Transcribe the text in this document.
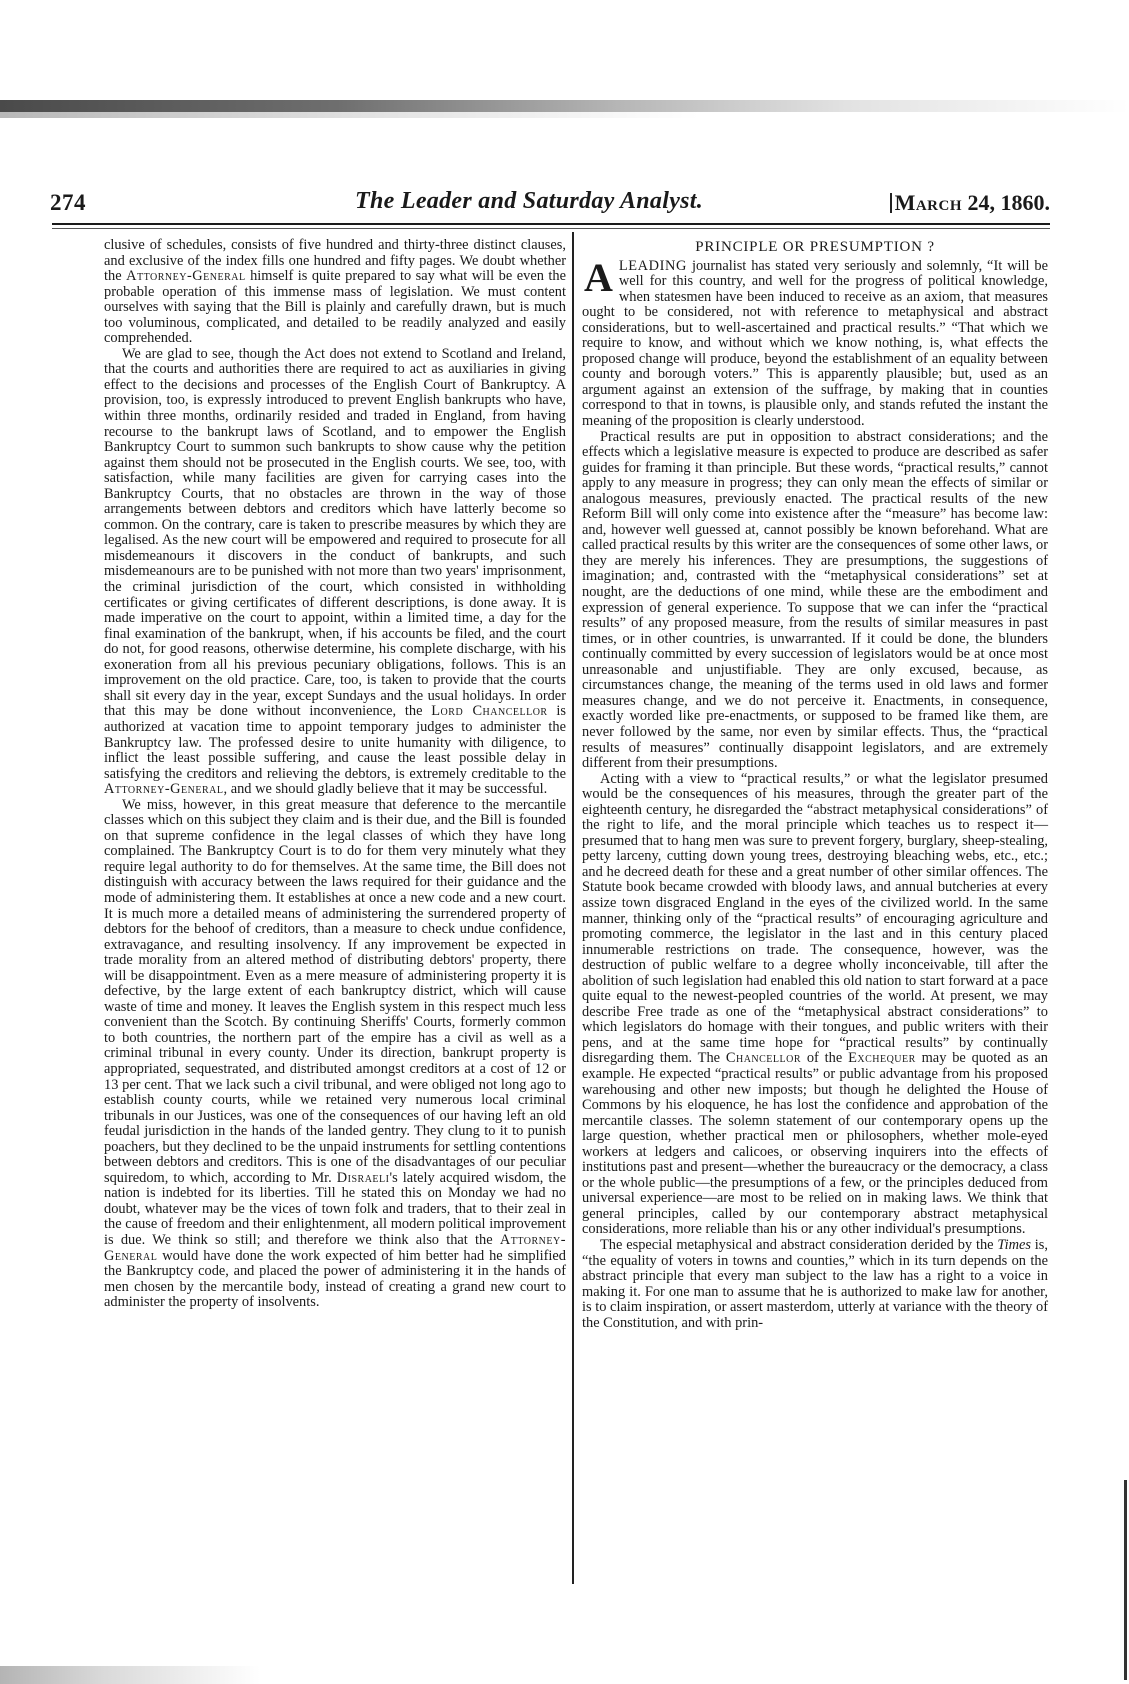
274	The Leader and Saturday Analyst.	March 24, 1860.

clusive of schedules, consists of five hundred and thirty-three distinct clauses, and exclusive of the index fills one hundred and fifty pages. We doubt whether the Attorney-General himself is quite prepared to say what will be even the probable operation of this immense mass of legislation. We must content ourselves with saying that the Bill is plainly and carefully drawn, but is much too voluminous, complicated, and detailed to be readily analyzed and easily comprehended.

We are glad to see, though the Act does not extend to Scotland and Ireland, that the courts and authorities there are required to act as auxiliaries in giving effect to the decisions and processes of the English Court of Bankruptcy. A provision, too, is expressly introduced to prevent English bankrupts who have, within three months, ordinarily resided and traded in England, from having recourse to the bankrupt laws of Scotland, and to empower the English Bankruptcy Court to summon such bankrupts to show cause why the petition against them should not be prosecuted in the English courts. We see, too, with satisfaction, while many facilities are given for carrying cases into the Bankruptcy Courts, that no obstacles are thrown in the way of those arrangements between debtors and creditors which have latterly become so common. On the contrary, care is taken to prescribe measures by which they are legalised. As the new court will be empowered and required to prosecute for all misdemeanours it discovers in the conduct of bankrupts, and such misdemeanours are to be punished with not more than two years' imprisonment, the criminal jurisdiction of the court, which consisted in withholding certificates or giving certificates of different descriptions, is done away. It is made imperative on the court to appoint, within a limited time, a day for the final examination of the bankrupt, when, if his accounts be filed, and the court do not, for good reasons, otherwise determine, his complete discharge, with his exoneration from all his previous pecuniary obligations, follows. This is an improvement on the old practice. Care, too, is taken to provide that the courts shall sit every day in the year, except Sundays and the usual holidays. In order that this may be done without inconvenience, the Lord Chancellor is authorized at vacation time to appoint temporary judges to administer the Bankruptcy law. The professed desire to unite humanity with diligence, to inflict the least possible suffering, and cause the least possible delay in satisfying the creditors and relieving the debtors, is extremely creditable to the Attorney-General, and we should gladly believe that it may be successful.

We miss, however, in this great measure that deference to the mercantile classes which on this subject they claim and is their due, and the Bill is founded on that supreme confidence in the legal classes of which they have long complained. The Bankruptcy Court is to do for them very minutely what they require legal authority to do for themselves. At the same time, the Bill does not distinguish with accuracy between the laws required for their guidance and the mode of administering them. It establishes at once a new code and a new court. It is much more a detailed means of administering the surrendered property of debtors for the behoof of creditors, than a measure to check undue confidence, extravagance, and resulting insolvency. If any improvement be expected in trade morality from an altered method of distributing debtors' property, there will be disappointment. Even as a mere measure of administering property it is defective, by the large extent of each bankruptcy district, which will cause waste of time and money. It leaves the English system in this respect much less convenient than the Scotch. By continuing Sheriffs' Courts, formerly common to both countries, the northern part of the empire has a civil as well as a criminal tribunal in every county. Under its direction, bankrupt property is appropriated, sequestrated, and distributed amongst creditors at a cost of 12 or 13 per cent. That we lack such a civil tribunal, and were obliged not long ago to establish county courts, while we retained very numerous local criminal tribunals in our Justices, was one of the consequences of our having left an old feudal jurisdiction in the hands of the landed gentry. They clung to it to punish poachers, but they declined to be the unpaid instruments for settling contentions between debtors and creditors. This is one of the disadvantages of our peculiar squiredom, to which, according to Mr. Disraeli's lately acquired wisdom, the nation is indebted for its liberties. Till he stated this on Monday we had no doubt, whatever may be the vices of town folk and traders, that to their zeal in the cause of freedom and their enlightenment, all modern political improvement is due. We think so still; and therefore we think also that the Attorney-General would have done the work expected of him better had he simplified the Bankruptcy code, and placed the power of administering it in the hands of men chosen by the mercantile body, instead of creating a grand new court to administer the property of insolvents.

PRINCIPLE OR PRESUMPTION ?
A LEADING journalist has stated very seriously and solemnly, “It will be well for this country, and well for the progress of political knowledge, when statesmen have been induced to receive as an axiom, that measures ought to be considered, not with reference to metaphysical and abstract considerations, but to well-ascertained and practical results.” “That which we require to know, and without which we know nothing, is, what effects the proposed change will produce, beyond the establishment of an equality between county and borough voters.” This is apparently plausible; but, used as an argument against an extension of the suffrage, by making that in counties correspond to that in towns, is plausible only, and stands refuted the instant the meaning of the proposition is clearly understood.

Practical results are put in opposition to abstract considerations; and the effects which a legislative measure is expected to produce are described as safer guides for framing it than principle. But these words, “practical results,” cannot apply to any measure in progress; they can only mean the effects of similar or analogous measures, previously enacted. The practical results of the new Reform Bill will only come into existence after the “measure” has become law: and, however well guessed at, cannot possibly be known beforehand. What are called practical results by this writer are the consequences of some other laws, or they are merely his inferences. They are presumptions, the suggestions of imagination; and, contrasted with the “metaphysical considerations” set at nought, are the deductions of one mind, while these are the embodiment and expression of general experience. To suppose that we can infer the “practical results” of any proposed measure, from the results of similar measures in past times, or in other countries, is unwarranted. If it could be done, the blunders continually committed by every succession of legislators would be at once most unreasonable and unjustifiable. They are only excused, because, as circumstances change, the meaning of the terms used in old laws and former measures change, and we do not perceive it. Enactments, in consequence, exactly worded like pre-enactments, or supposed to be framed like them, are never followed by the same, nor even by similar effects. Thus, the “practical results of measures” continually disappoint legislators, and are extremely different from their presumptions.

Acting with a view to “practical results,” or what the legislator presumed would be the consequences of his measures, through the greater part of the eighteenth century, he disregarded the “abstract metaphysical considerations” of the right to life, and the moral principle which teaches us to respect it—presumed that to hang men was sure to prevent forgery, burglary, sheep-stealing, petty larceny, cutting down young trees, destroying bleaching webs, etc., etc.; and he decreed death for these and a great number of other similar offences. The Statute book became crowded with bloody laws, and annual butcheries at every assize town disgraced England in the eyes of the civilized world. In the same manner, thinking only of the “practical results” of encouraging agriculture and promoting commerce, the legislator in the last and in this century placed innumerable restrictions on trade. The consequence, however, was the destruction of public welfare to a degree wholly inconceivable, till after the abolition of such legislation had enabled this old nation to start forward at a pace quite equal to the newest-peopled countries of the world. At present, we may describe Free trade as one of the “metaphysical abstract considerations” to which legislators do homage with their tongues, and public writers with their pens, and at the same time hope for “practical results” by continually disregarding them. The Chancellor of the Exchequer may be quoted as an example. He expected “practical results” or public advantage from his proposed warehousing and other new imposts; but though he delighted the House of Commons by his eloquence, he has lost the confidence and approbation of the mercantile classes. The solemn statement of our contemporary opens up the large question, whether practical men or philosophers, whether mole-eyed workers at ledgers and calicoes, or observing inquirers into the effects of institutions past and present—whether the bureaucracy or the democracy, a class or the whole public—the presumptions of a few, or the principles deduced from universal experience—are most to be relied on in making laws. We think that general principles, called by our contemporary abstract metaphysical considerations, more reliable than his or any other individual's presumptions.

The especial metaphysical and abstract consideration derided by the Times is, “the equality of voters in towns and counties,” which in its turn depends on the abstract principle that every man subject to the law has a right to a voice in making it. For one man to assume that he is authorized to make law for another, is to claim inspiration, or assert masterdom, utterly at variance with the theory of the Constitution, and with prin-
